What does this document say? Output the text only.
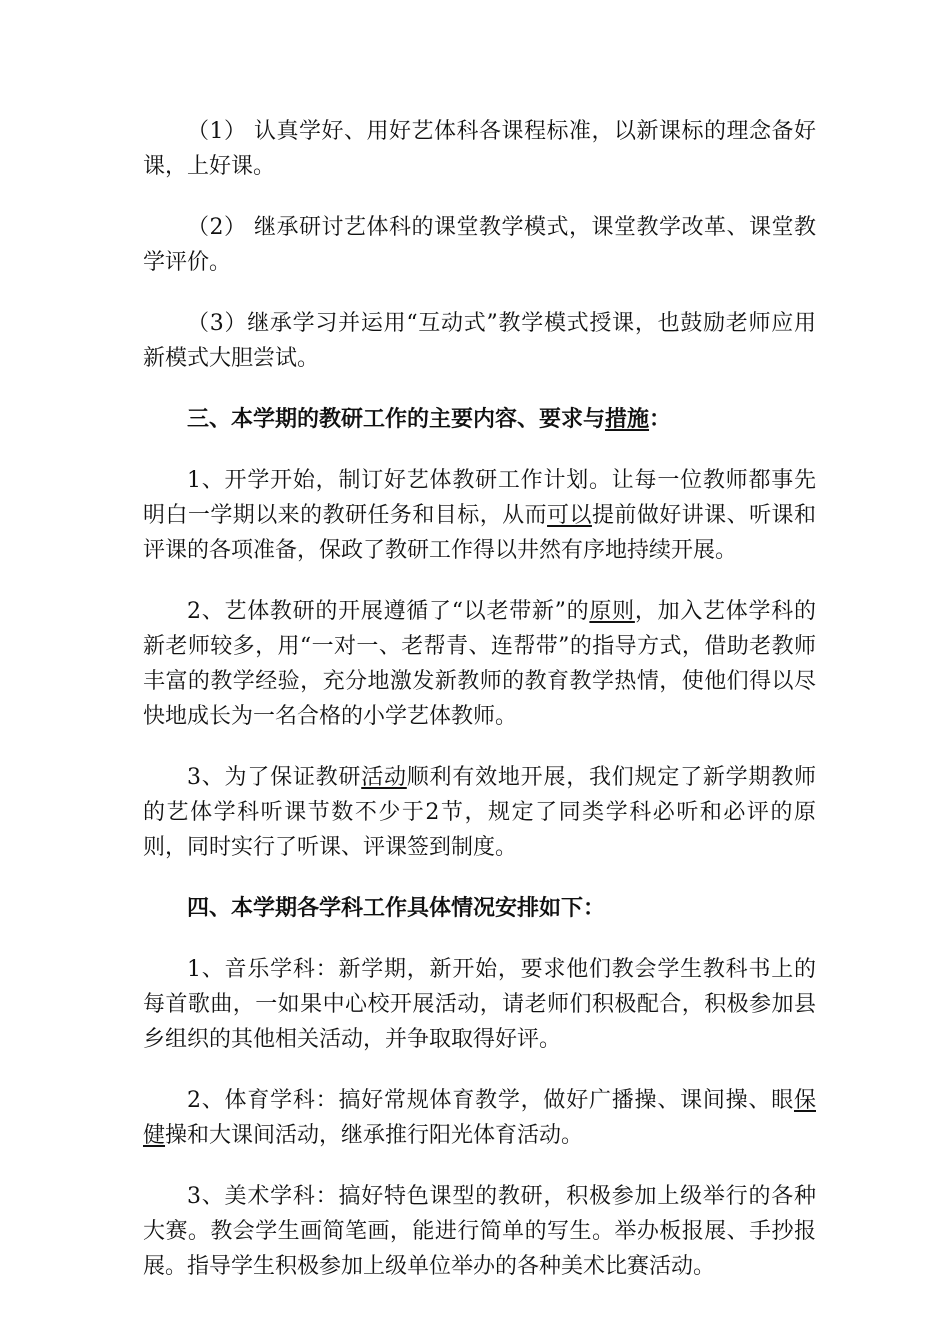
（1） 认真学好、用好艺体科各课程标准，以新课标的理念备好课，上好课。

（2） 继承研讨艺体科的课堂教学模式，课堂教学改革、课堂教学评价。

（3）继承学习并运用“互动式”教学模式授课，也鼓励老师应用新模式大胆尝试。

三、本学期的教研工作的主要内容、要求与措施：

1、开学开始，制订好艺体教研工作计划。让每一位教师都事先明白一学期以来的教研任务和目标，从而可以提前做好讲课、听课和评课的各项准备，保政了教研工作得以井然有序地持续开展。

2、艺体教研的开展遵循了“以老带新”的原则，加入艺体学科的新老师较多，用“一对一、老帮青、连帮带”的指导方式，借助老教师丰富的教学经验，充分地激发新教师的教育教学热情，使他们得以尽快地成长为一名合格的小学艺体教师。

3、为了保证教研活动顺利有效地开展，我们规定了新学期教师的艺体学科听课节数不少于2节，规定了同类学科必听和必评的原则，同时实行了听课、评课签到制度。

四、本学期各学科工作具体情况安排如下：

1、音乐学科：新学期，新开始，要求他们教会学生教科书上的每首歌曲，一如果中心校开展活动，请老师们积极配合，积极参加县乡组织的其他相关活动，并争取取得好评。

2、体育学科：搞好常规体育教学，做好广播操、课间操、眼保健操和大课间活动，继承推行阳光体育活动。

3、美术学科：搞好特色课型的教研，积极参加上级举行的各种大赛。教会学生画简笔画，能进行简单的写生。举办板报展、手抄报展。指导学生积极参加上级单位举办的各种美术比赛活动。
